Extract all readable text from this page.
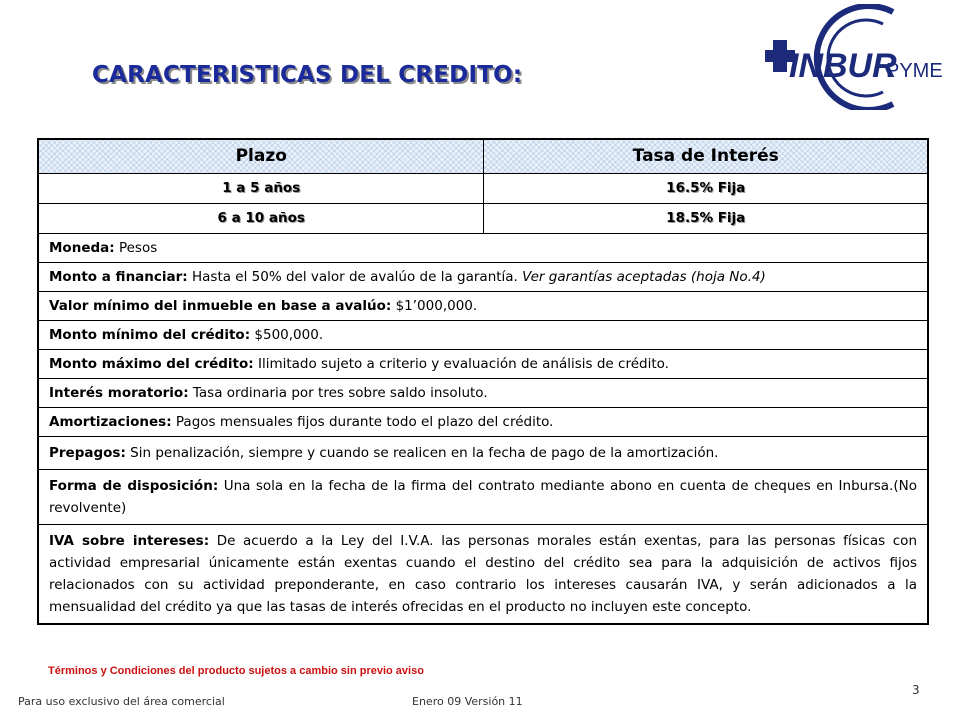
CARACTERISTICAS DEL CREDITO:	INBUR
PYME
Plazo	Tasa de Interés
1 a 5 años	16.5% Fija
6 a 10 años	18.5% Fija
Moneda: Pesos	
Monto a financiar: Hasta el 50% del valor de avalúo de la garantía. Ver garantías aceptadas (hoja No.4)	
Valor mínimo del inmueble en base a avalúo: $1’000,000.	
Monto mínimo del crédito: $500,000.	
Monto máximo del crédito: Ilimitado sujeto a criterio y evaluación de análisis de crédito.	
Interés moratorio: Tasa ordinaria por tres sobre saldo insoluto.	
Amortizaciones: Pagos mensuales fijos durante todo el plazo del crédito.	
Prepagos: Sin penalización, siempre y cuando se realicen en la fecha de pago de la amortización.	
Forma de disposición: Una sola en la fecha de la firma del contrato mediante abono en cuenta de cheques en Inbursa.(No revolvente)	
IVA sobre intereses: De acuerdo a la Ley del I.V.A. las personas morales están exentas, para las personas físicas con actividad empresarial únicamente están exentas cuando el destino del crédito sea para la adquisición de activos fijos relacionados con su actividad preponderante, en caso contrario los intereses causarán IVA, y serán adicionados a la mensualidad del crédito ya que las tasas de interés ofrecidas en el producto no incluyen este concepto.	
Términos y Condiciones del producto sujetos a cambio sin previo aviso
Para uso exclusivo del área comercial	Enero 09 Versión 11
3
